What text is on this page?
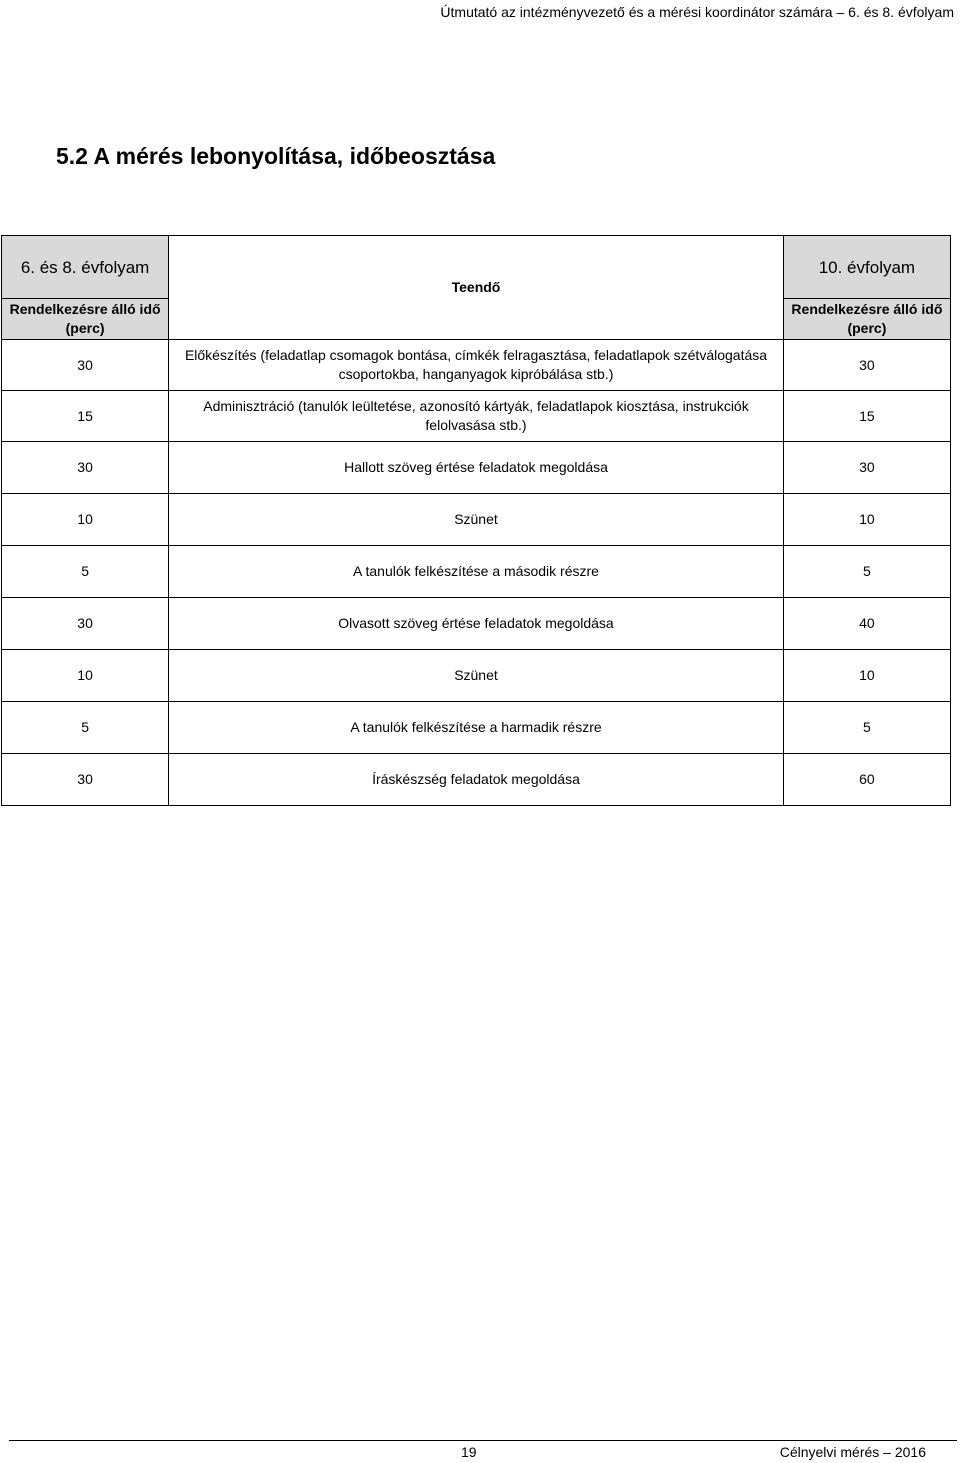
Útmutató az intézményvezető és a mérési koordinátor számára – 6. és 8. évfolyam
5.2 A mérés lebonyolítása, időbeosztása
6. és 8. évfolyam	Teendő	10. évfolyam
Rendelkezésre álló idő (perc)		Rendelkezésre álló idő (perc)
30	Előkészítés (feladatlap csomagok bontása, címkék felragasztása, feladatlapok szétválogatása csoportokba, hanganyagok kipróbálása stb.)	30
15	Adminisztráció (tanulók leültetése, azonosító kártyák, feladatlapok kiosztása, instrukciók felolvasása stb.)	15
30	Hallott szöveg értése feladatok megoldása	30
10	Szünet	10
5	A tanulók felkészítése a második részre	5
30	Olvasott szöveg értése feladatok megoldása	40
10	Szünet	10
5	A tanulók felkészítése a harmadik részre	5
30	Íráskészség feladatok megoldása	60
19	Célnyelvi mérés – 2016
